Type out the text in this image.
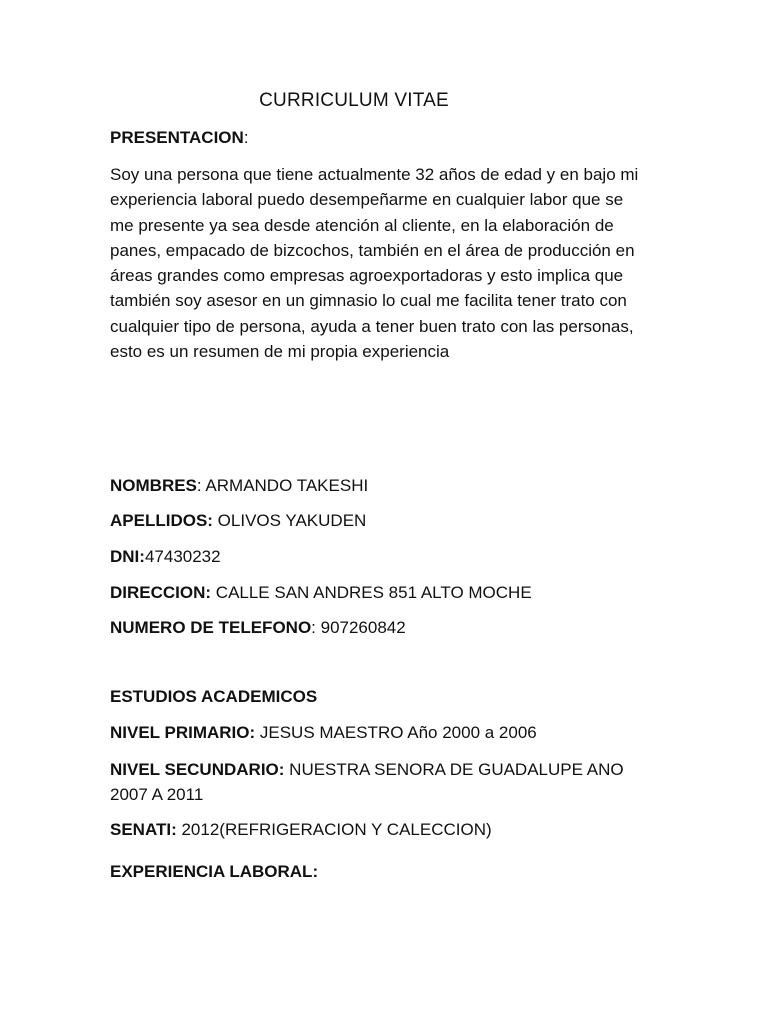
CURRICULUM VITAE
PRESENTACION:
Soy una persona que tiene actualmente 32 años de edad y en bajo mi experiencia laboral puedo desempeñarme en cualquier labor que se me presente ya sea desde atención al cliente, en la elaboración de panes, empacado de bizcochos, también en el área de producción en áreas grandes como empresas agroexportadoras y esto implica que también soy asesor en un gimnasio lo cual me facilita tener trato con cualquier tipo de persona, ayuda a tener buen trato con las personas, esto es un resumen de mi propia experiencia
NOMBRES: ARMANDO TAKESHI
APELLIDOS: OLIVOS YAKUDEN
DNI:47430232
DIRECCION: CALLE SAN ANDRES 851 ALTO MOCHE
NUMERO DE TELEFONO: 907260842
ESTUDIOS ACADEMICOS
NIVEL PRIMARIO: JESUS MAESTRO Año 2000 a 2006
NIVEL SECUNDARIO: NUESTRA SENORA DE GUADALUPE ANO
2007 A 2011
SENATI: 2012(REFRIGERACION Y CALECCION)
EXPERIENCIA LABORAL:
